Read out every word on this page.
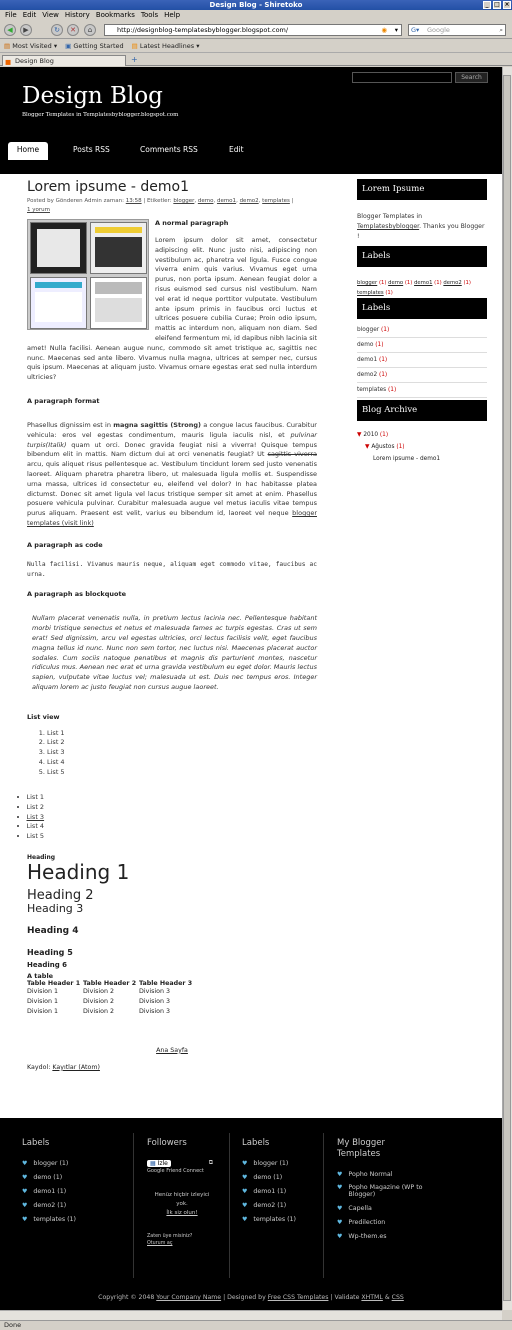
Design Blog - Shiretoko	_ □ ×
File Edit View History Bookmarks Tools Help
◀	▶	↻	✕	⌂	http://designblog-templatesbyblogger.blogspot.com/	◉ ▾ G▾ Google	⌕
▤ Most Visited ▾ ▣ Getting Started ▤ Latest Headlines ▾
■ Design Blog	+
Design Blog
Blogger Templates in Templatesbyblogger.blogspot.com
Search
Home	Posts RSS	Comments RSS	Edit
Lorem ipsume - demo1
Posted by Gönderen Admin zaman: 13:58 | Etiketler: blogger, demo, demo1, demo2, templates |
1 yorum
A normal paragraph
Lorem ipsum dolor sit amet, consectetur adipiscing elit. Nunc justo nisi, adipiscing non vestibulum ac, pharetra vel ligula. Fusce congue viverra enim quis varius. Vivamus eget urna purus, non porta ipsum. Aenean feugiat dolor a risus euismod sed cursus nisl vestibulum. Nam vel erat id neque porttitor vulputate. Vestibulum ante ipsum primis in faucibus orci luctus et ultrices posuere cubilia Curae; Proin odio ipsum, mattis ac interdum non, aliquam non diam. Sed eleifend fermentum mi, id dapibus nibh lacinia sit amet! Nulla facilisi. Aenean augue nunc, commodo sit amet tristique ac, sagittis nec nunc. Maecenas sed ante libero. Vivamus nulla magna, ultrices at semper nec, cursus quis ipsum. Maecenas at aliquam justo. Vivamus ornare egestas erat sed nulla interdum ultricies?
A paragraph format
Phasellus dignissim est in magna sagittis (Strong) a congue lacus faucibus. Curabitur vehicula: eros vel egestas condimentum, mauris ligula iaculis nisl, et pulvinar turpis(Italik) quam ut orci. Donec gravida feugiat nisi a viverra! Quisque tempus bibendum elit in mattis. Nam dictum dui at orci venenatis feugiat? Ut sagittis viverra arcu, quis aliquet risus pellentesque ac. Vestibulum tincidunt lorem sed justo venenatis laoreet. Aliquam pharetra pharetra libero, ut malesuada ligula mollis et. Suspendisse urna massa, ultrices id consectetur eu, eleifend vel dolor? In hac habitasse platea dictumst. Donec sit amet ligula vel lacus tristique semper sit amet at enim. Phasellus posuere vehicula pulvinar. Curabitur malesuada augue vel metus iaculis vitae tempus purus aliquam. Praesent est velit, varius eu bibendum id, laoreet vel neque blogger templates (visit link)
A paragraph as code
Nulla facilisi. Vivamus mauris neque, aliquam eget commodo vitae, faucibus ac urna.
A paragraph as blockquote
Nullam placerat venenatis nulla, in pretium lectus lacinia nec. Pellentesque habitant morbi tristique senectus et netus et malesuada fames ac turpis egestas. Cras ut sem erat! Sed dignissim, arcu vel egestas ultricies, orci lectus facilisis velit, eget faucibus magna tellus id nunc. Nunc non sem tortor, nec luctus nisi. Maecenas placerat auctor sodales. Cum sociis natoque penatibus et magnis dis parturient montes, nascetur ridiculus mus. Aenean nec erat et urna gravida vestibulum eu eget dolor. Mauris lectus sapien, vulputate vitae luctus vel; malesuada ut est. Duis nec tempus eros. Integer aliquam lorem ac justo feugiat non cursus augue laoreet.
List view
1. List 1
2. List 2
3. List 3
4. List 4
5. List 5
• List 1
• List 2
• List 3
• List 4
• List 5
Heading
Heading 1
Heading 2
Heading 3
Heading 4
Heading 5
Heading 6
A table
Table Header 1	Table Header 2	Table Header 3
Division 1	Division 2	Division 3
Division 1	Division 2	Division 3
Division 1	Division 2	Division 3
Ana Sayfa
Kaydol: Kayıtlar (Atom)
Lorem Ipsume
Blogger Templates in
Templatesbyblogger. Thanks you Blogger !
Labels
blogger (1) demo (1) demo1 (1) demo2 (1)
templates (1)
Labels
blogger (1)
demo (1)
demo1 (1)
demo2 (1)
templates (1)
Blog Archive
▼ 2010 (1)
▼ Ağustos (1)
Lorem ipsume - demo1
Labels
♥ blogger (1)
♥ demo (1)
♥ demo1 (1)
♥ demo2 (1)
♥ templates (1)
Followers
▦ İzle	⧉
Google Friend Connect
Henüz hiçbir izleyici
yok.
İlk siz olun!
Zaten üye misiniz?
Oturum aç
Labels
♥ blogger (1)
♥ demo (1)
♥ demo1 (1)
♥ demo2 (1)
♥ templates (1)
My Blogger Templates
♥ Popho Normal
♥ Popho Magazine (WP to Blogger)
♥ Capella
♥ Predilection
♥ Wp-them.es
Copyright © 2048 Your Company Name | Designed by Free CSS Templates | Validate XHTML & CSS
Done
